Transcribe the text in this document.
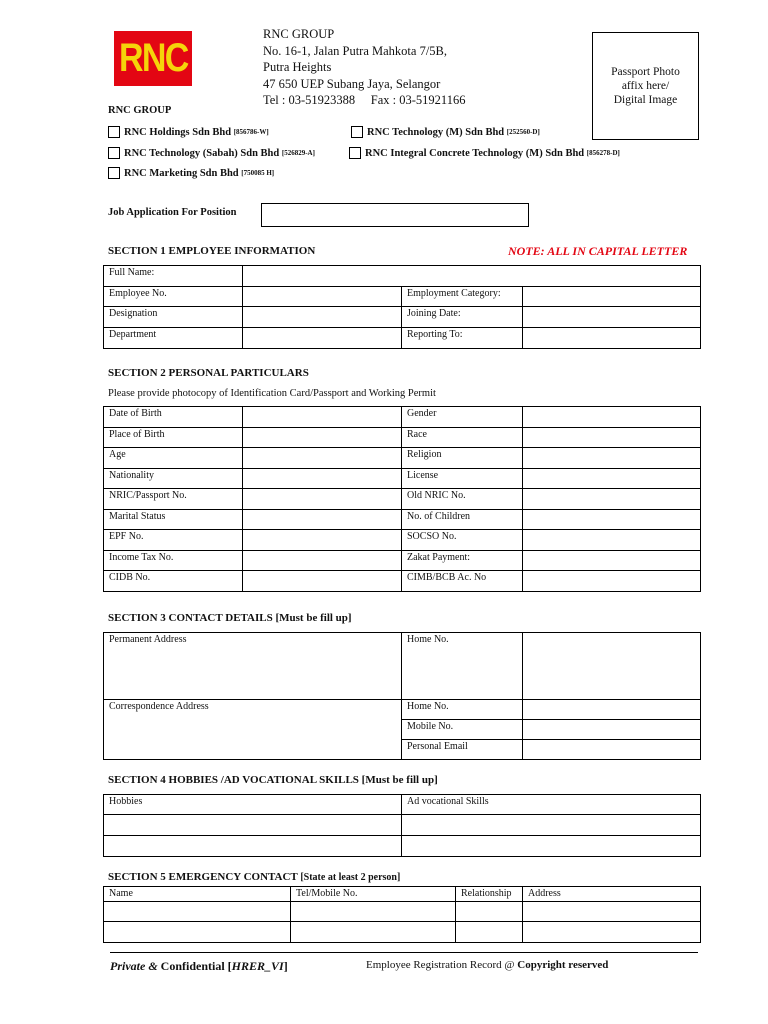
RNC
RNC GROUP
No. 16-1, Jalan Putra Mahkota 7/5B,
Putra Heights
47 650 UEP Subang Jaya, Selangor
Tel : 03-51923388     Fax : 03-51921166
Passport Photo
affix here/
Digital Image
RNC GROUP
RNC Holdings Sdn Bhd
[856786-W]	RNC Technology (M) Sdn Bhd
[252560-D]
RNC Technology (Sabah) Sdn Bhd
[526829-A]	RNC Integral Concrete Technology (M) Sdn Bhd
[856278-D]
RNC Marketing Sdn Bhd
[750085 H]
Job Application For Position
SECTION 1 EMPLOYEE INFORMATION	NOTE: ALL IN CAPITAL LETTER
Full Name:			
Employee No.		Employment Category:	
Designation		Joining Date:	
Department		Reporting To:	
SECTION 2 PERSONAL PARTICULARS
Please provide photocopy of Identification Card/Passport and Working Permit
Date of Birth		Gender	
Place of Birth		Race	
Age		Religion	
Nationality		License	
NRIC/Passport No.		Old NRIC No.	
Marital Status		No. of Children	
EPF No.		SOCSO No.	
Income Tax No.		Zakat Payment:	
CIDB No.		CIMB/BCB Ac. No	
SECTION 3 CONTACT DETAILS [Must be fill up]
Permanent Address	Home No.	
Correspondence Address	Home No.	
	Mobile No.	
	Personal Email	
SECTION 4 HOBBIES /AD VOCATIONAL SKILLS [Must be fill up]
Hobbies	Ad vocational Skills

SECTION 5 EMERGENCY CONTACT [State at least 2 person]
Name	Tel/Mobile No.	Relationship	Address

Private & Confidential [HRER_VI]	Employee Registration Record @ Copyright reserved
